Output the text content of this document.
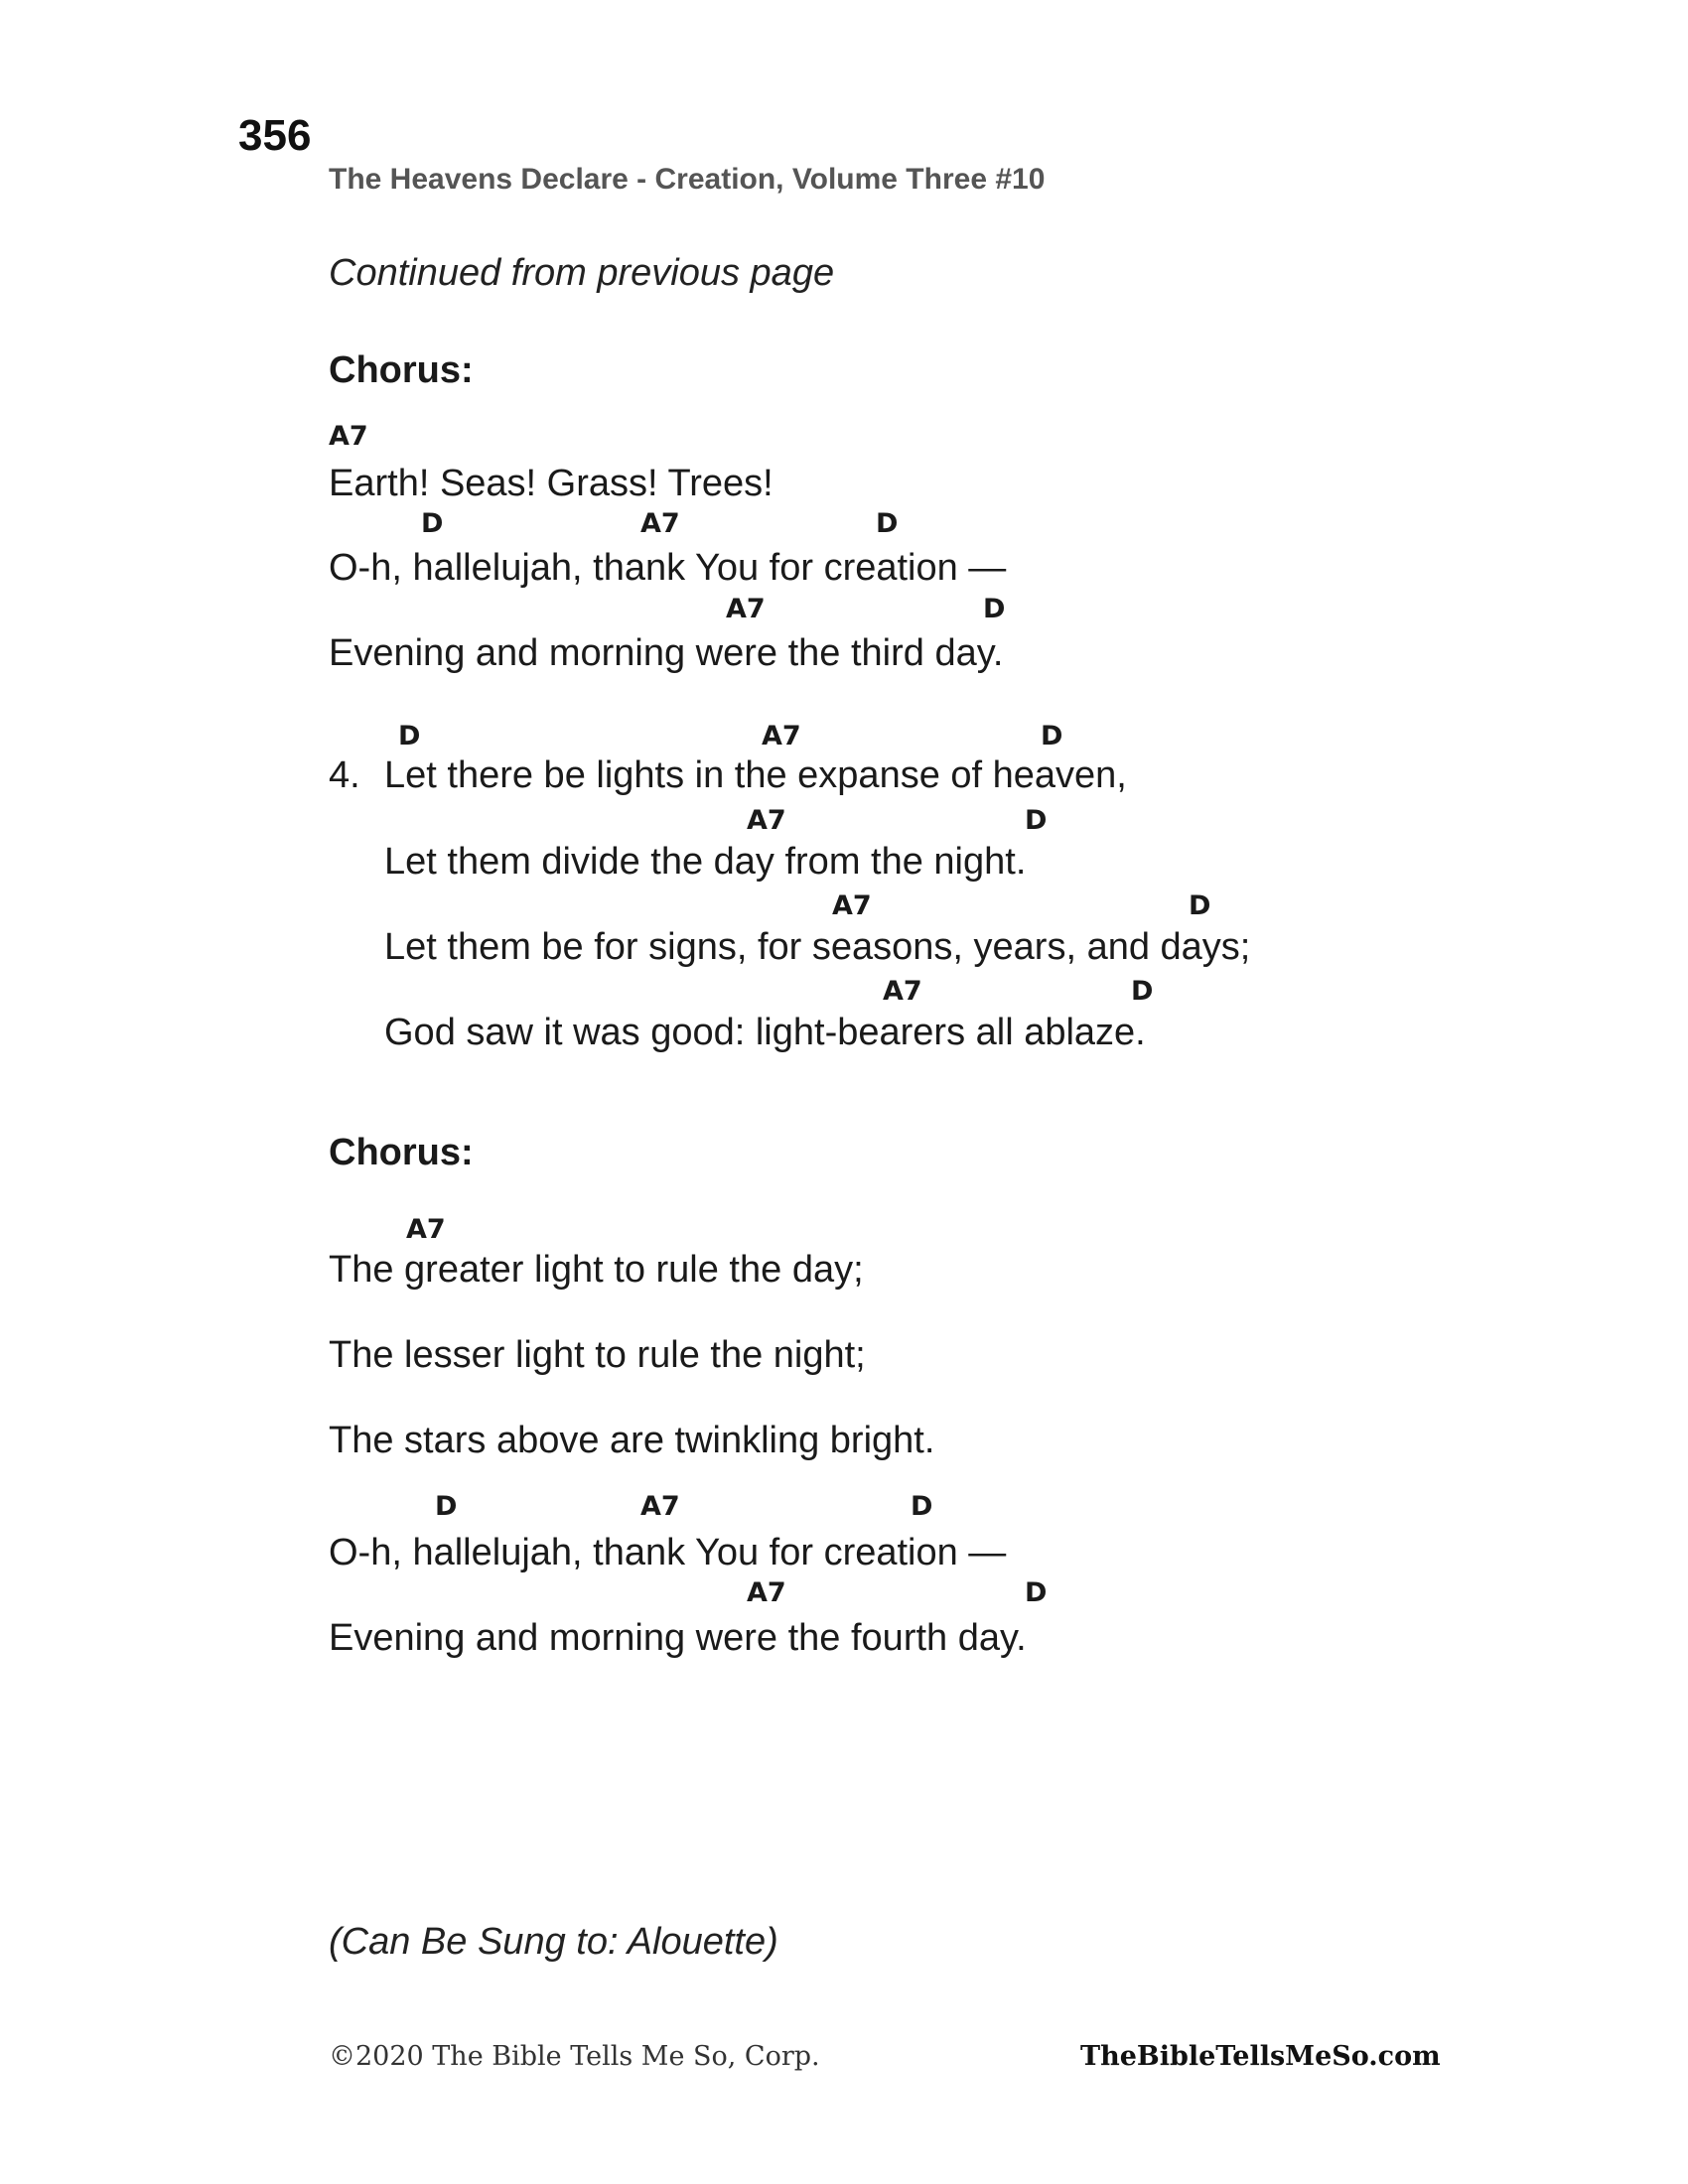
356
The Heavens Declare - Creation, Volume Three #10
Continued from previous page
Chorus:
A7
Earth! Seas! Grass! Trees!
D	A7	D
O-h, hallelujah, thank You for creation —
A7	D
Evening and morning were the third day.
D	A7	D
4. Let there be lights in the expanse of heaven,
A7	D
Let them divide the day from the night.
A7	D
Let them be for signs, for seasons, years, and days;
A7	D
God saw it was good: light-bearers all ablaze.
Chorus:
A7
The greater light to rule the day;
The lesser light to rule the night;
The stars above are twinkling bright.
D	A7	D
O-h, hallelujah, thank You for creation —
A7	D
Evening and morning were the fourth day.
(Can Be Sung to: Alouette)
©2020 The Bible Tells Me So, Corp.	TheBibleTellsMeSo.com
